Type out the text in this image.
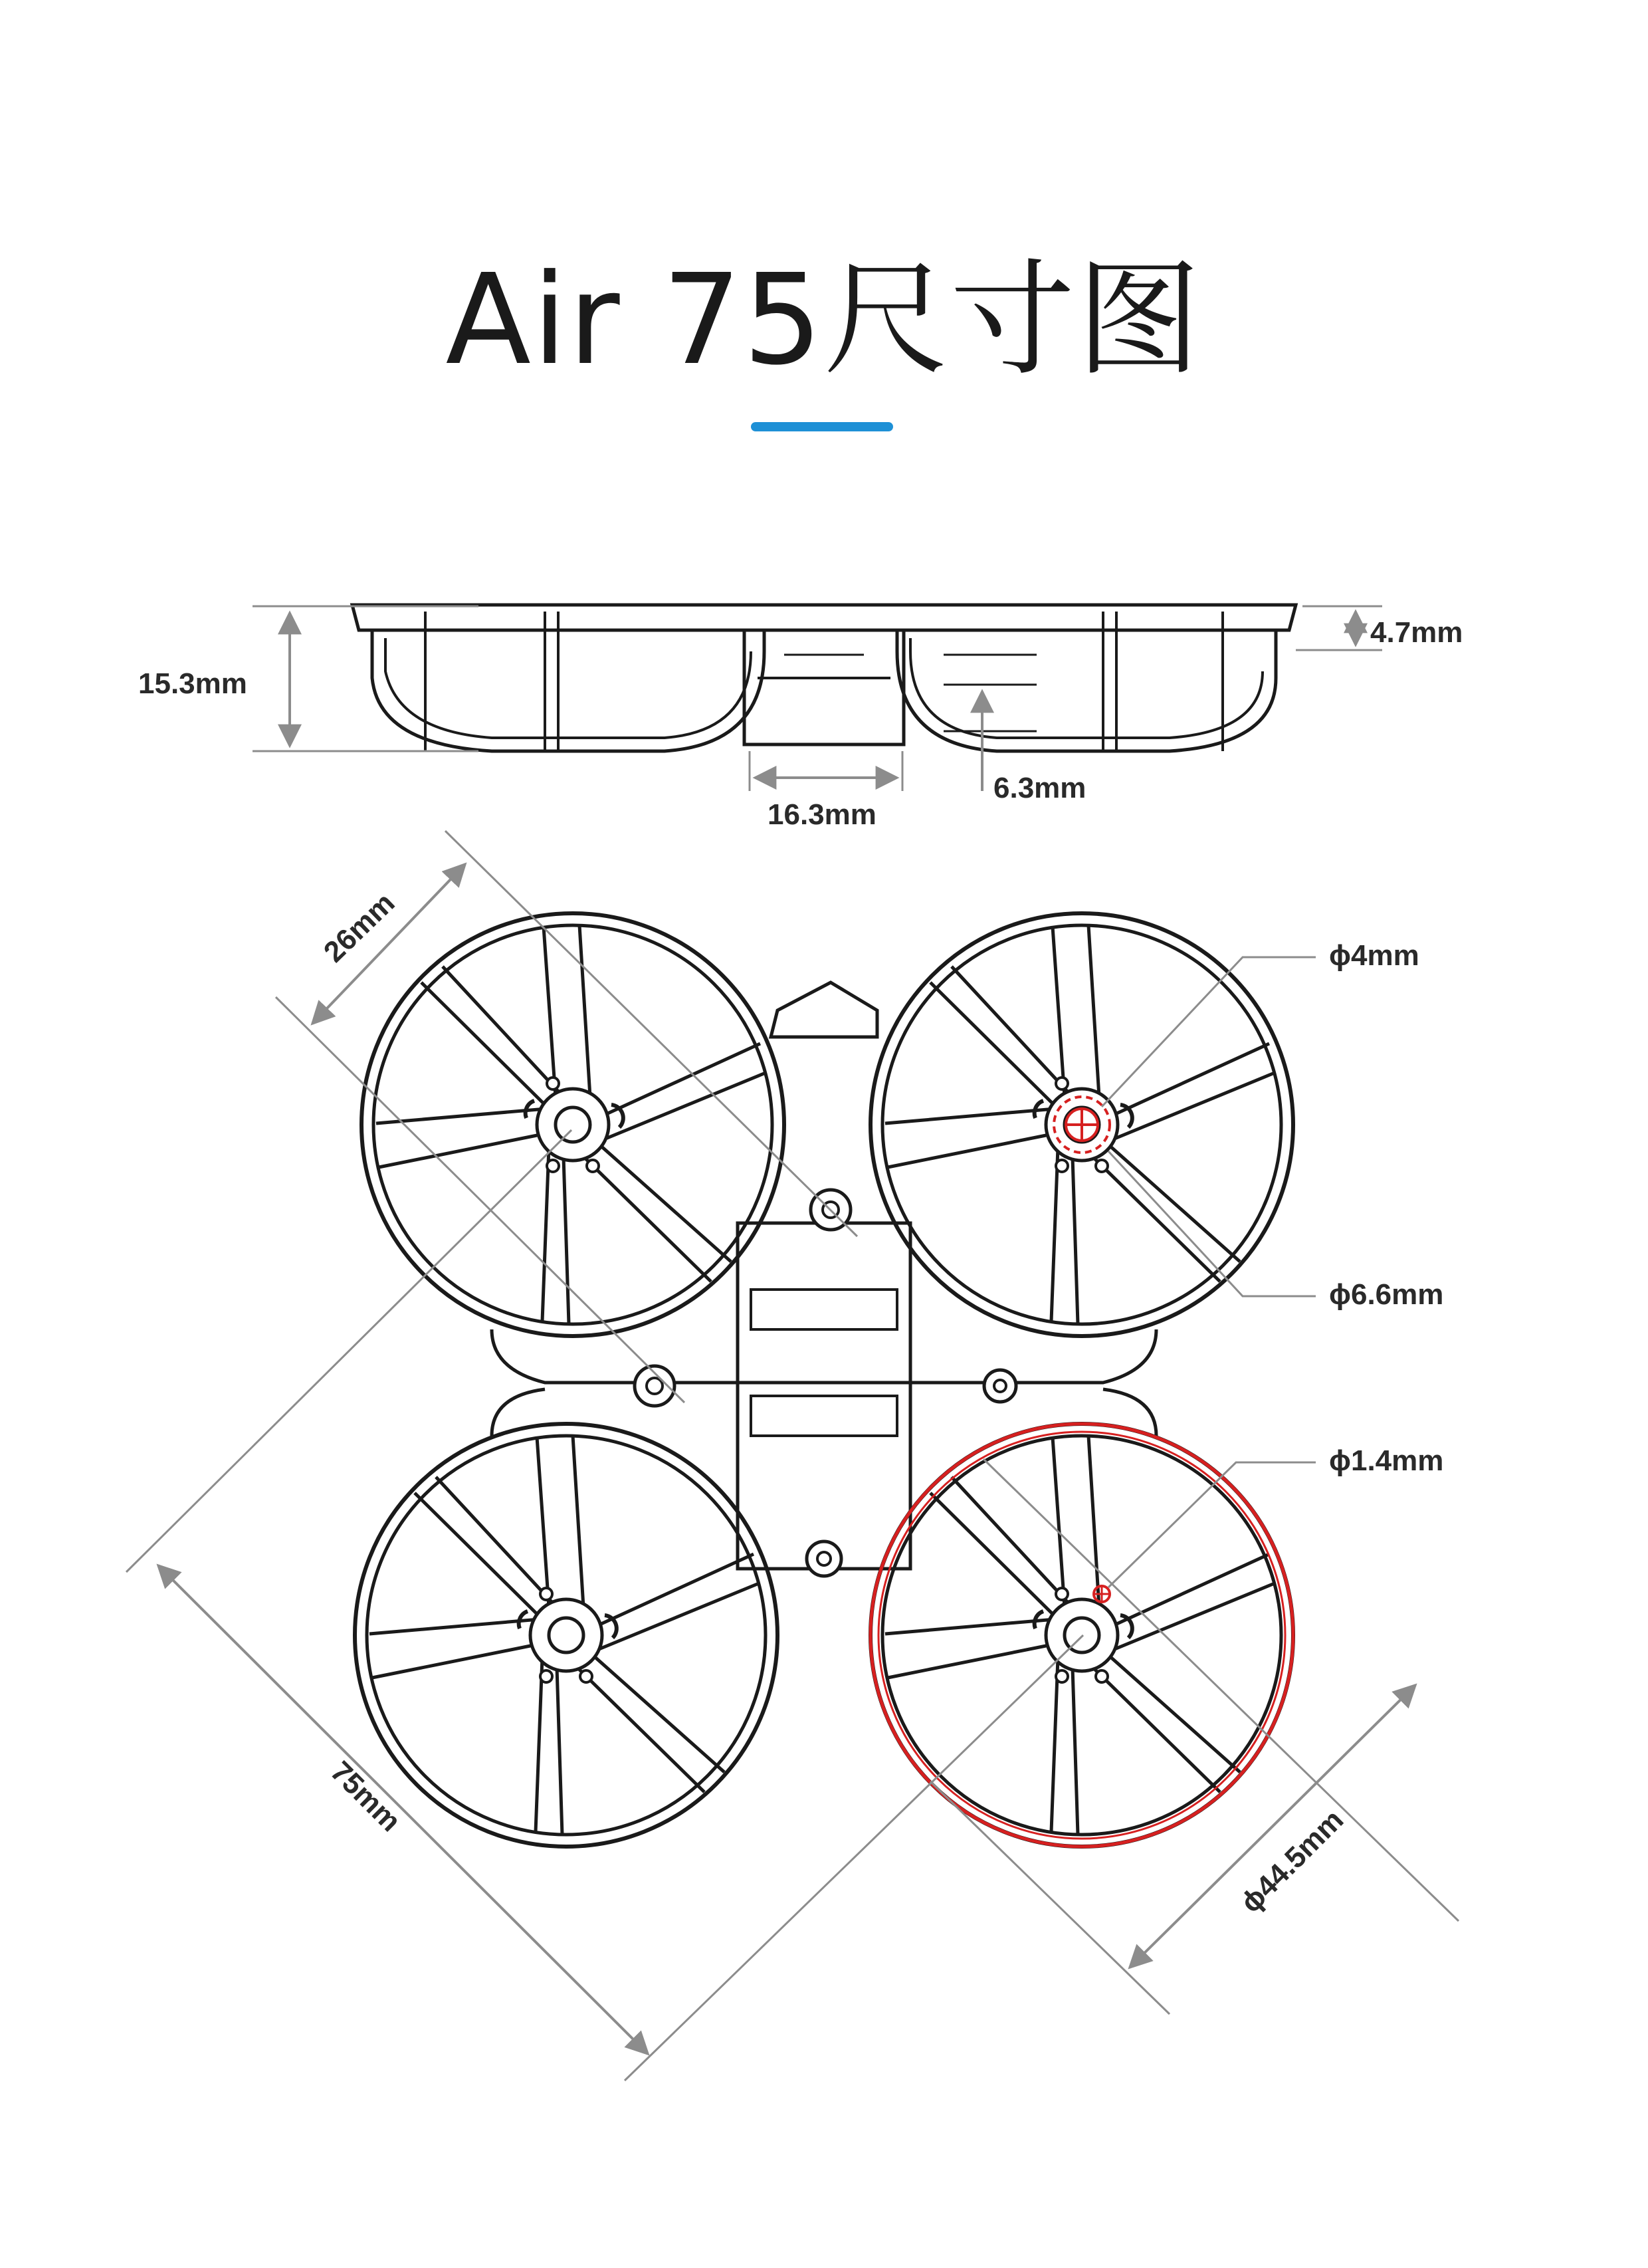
Air 75尺寸图
15.3mm
4.7mm
16.3mm
6.3mm
26mm
75mm
ϕ44.5mm
ϕ4mm
ϕ6.6mm
ϕ1.4mm
